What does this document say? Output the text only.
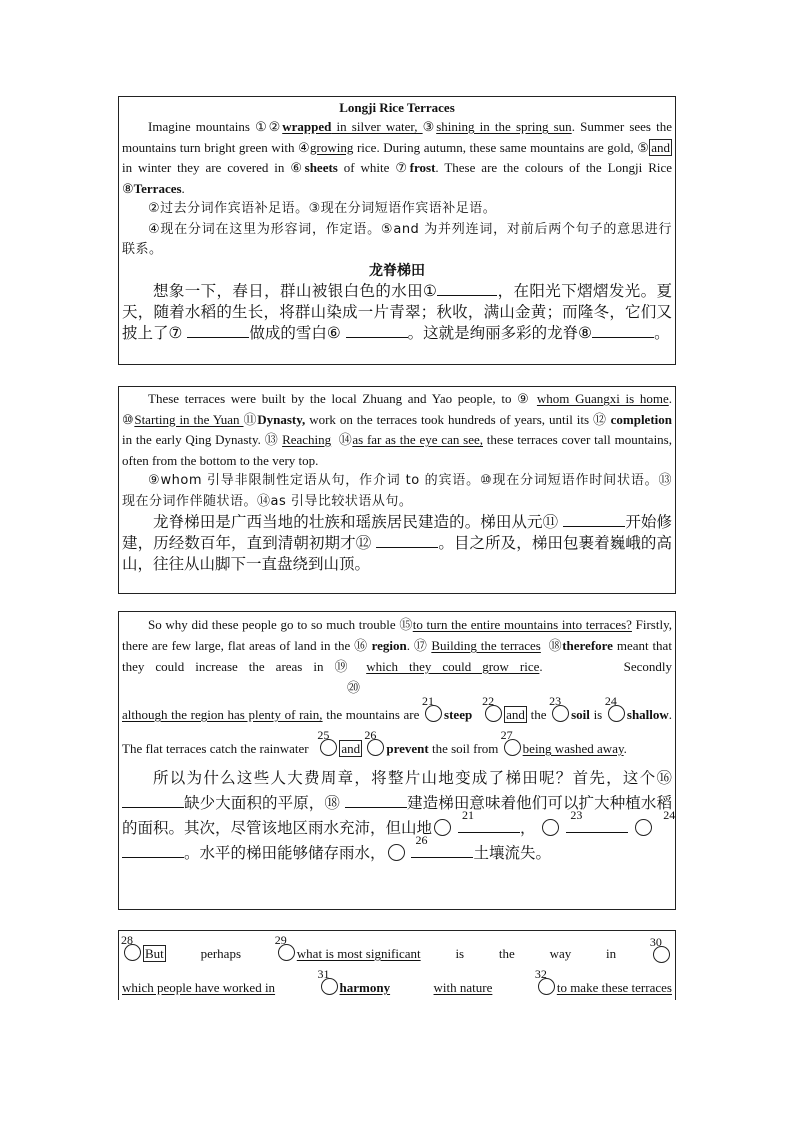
Longji Rice Terraces
Imagine mountains ①②wrapped in silver water, ③shining in the spring sun. Summer sees the mountains turn bright green with ④growing rice. During autumn, these same mountains are gold, ⑤ and in winter they are covered in ⑥sheets of white ⑦frost. These are the colours of the Longji Rice ⑧Terraces.
②过去分词作宾语补足语。③现在分词短语作宾语补足语。
④现在分词在这里为形容词，作定语。⑤and 为并列连词，对前后两个句子的意思进行联系。
龙脊梯田
想象一下，春日，群山被银白色的水田①	，在阳光下熠熠发光。夏天，随着水稻的生长，将群山染成一片青翠；秋收，满山金黄；而隆冬，它们又披上了⑦	做成的雪白⑥	。这就是绚丽多彩的龙脊⑧	。
These terraces were built by the local Zhuang and Yao people, to ⑨ whom Guangxi is home. ⑩Starting in the Yuan ⑪Dynasty, work on the terraces took hundreds of years, until its ⑫ completion in the early Qing Dynasty. ⑬ Reaching ⑭as far as the eye can see, these terraces cover tall mountains, often from the bottom to the very top.
⑨whom 引导非限制性定语从句，作介词 to 的宾语。⑩现在分词短语作时间状语。⑬现在分词作伴随状语。⑭as 引导比较状语从句。
龙脊梯田是广西当地的壮族和瑶族居民建造的。梯田从元⑪	开始修建，历经数百年，直到清朝初期才⑫	。目之所及，梯田包裹着巍峨的高山，往往从山脚下一直盘绕到山顶。
So why did these people go to so much trouble ⑮to turn the entire mountains into terraces? Firstly, there are few large, flat areas of land in the ⑯ region. ⑰ Building the terraces ⑱therefore meant that they could increase the areas in ⑲ which they could grow rice.	Secondly⑳
although the region has plenty of rain, the mountains are
21
steep
22
and the
23
soil is
24
shallow. The flat terraces catch the rainwater
25
and
26
prevent the soil from
27
being washed away.
所以为什么这些人大费周章，将整片山地变成了梯田呢？首先，这个⑯缺少大面积的平原，⑱	建造梯田意味着他们可以扩大种植水稻的面积。其次，尽管该地区雨水充沛，但山地
21
，
23
	24

。水平的梯田能够储存雨水，
26
土壤流失。
28
But	perhaps
29
what is most significant	is	the	way	in
30
which people have worked in
31
harmony	with nature
32
to make these terraces
